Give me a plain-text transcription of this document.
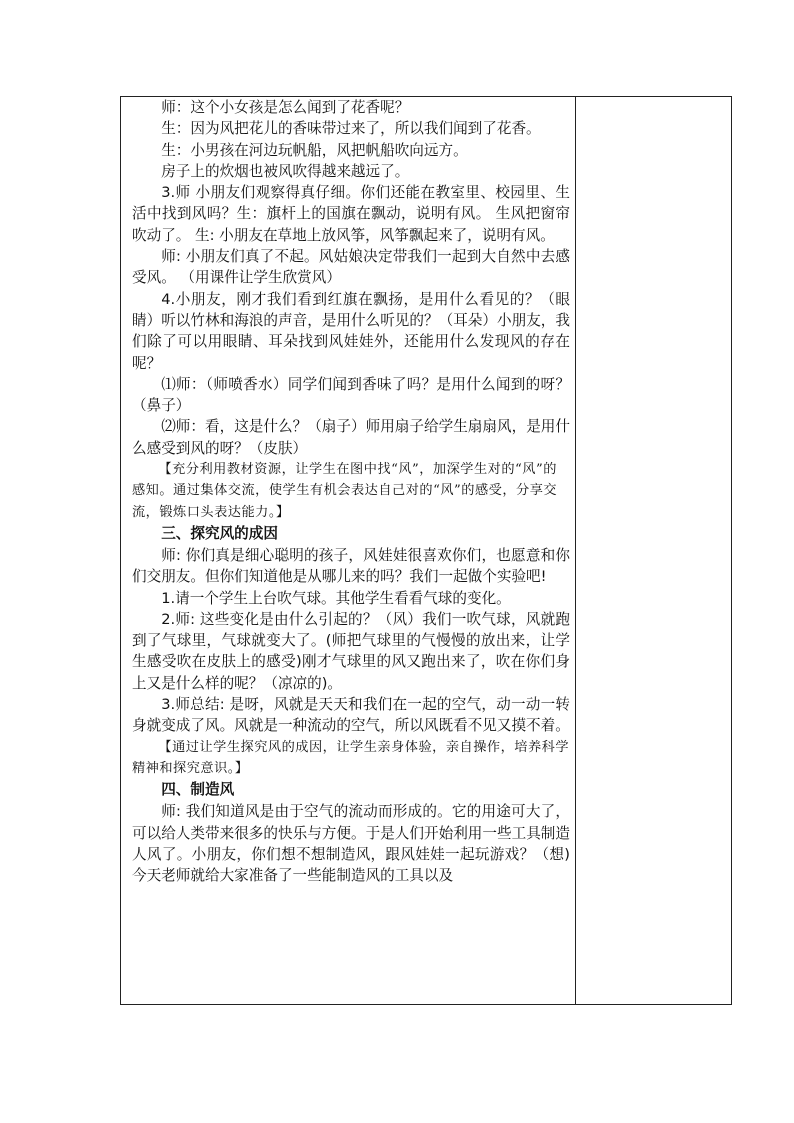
师：这个小女孩是怎么闻到了花香呢？

生：因为风把花儿的香味带过来了，所以我们闻到了花香。

生：小男孩在河边玩帆船，风把帆船吹向远方。

房子上的炊烟也被风吹得越来越远了。

3.师 小朋友们观察得真仔细。你们还能在教室里、校园里、生活中找到风吗？生：旗杆上的国旗在飘动，说明有风。 生风把窗帘吹动了。 生: 小朋友在草地上放风筝，风筝飘起来了，说明有风。

师: 小朋友们真了不起。风姑娘决定带我们一起到大自然中去感受风。 （用课件让学生欣赏风）

4.小朋友，刚才我们看到红旗在飘扬，是用什么看见的？（眼睛）听以竹林和海浪的声音，是用什么听见的？（耳朵）小朋友，我们除了可以用眼睛、耳朵找到风娃娃外，还能用什么发现风的存在呢？

⑴师：（师喷香水）同学们闻到香味了吗？是用什么闻到的呀？（鼻子）

⑵师：看，这是什么？（扇子）师用扇子给学生扇扇风，是用什么感受到风的呀？（皮肤）

【充分利用教材资源，让学生在图中找“风”，加深学生对的“风”的感知。通过集体交流，使学生有机会表达自己对的“风”的感受，分享交流，锻炼口头表达能力。】

三、探究风的成因

师: 你们真是细心聪明的孩子，风娃娃很喜欢你们，也愿意和你们交朋友。但你们知道他是从哪儿来的吗？我们一起做个实验吧!

1.请一个学生上台吹气球。其他学生看看气球的变化。

2.师: 这些变化是由什么引起的？（风）我们一吹气球，风就跑到了气球里，气球就变大了。(师把气球里的气慢慢的放出来，让学生感受吹在皮肤上的感受)刚才气球里的风又跑出来了，吹在你们身上又是什么样的呢？（凉凉的)。

3.师总结: 是呀，风就是天天和我们在一起的空气，动一动一转身就变成了风。风就是一种流动的空气，所以风既看不见又摸不着。

【通过让学生探究风的成因，让学生亲身体验，亲自操作，培养科学精神和探究意识。】

四、制造风

师: 我们知道风是由于空气的流动而形成的。它的用途可大了，可以给人类带来很多的快乐与方便。于是人们开始利用一些工具制造人风了。小朋友，你们想不想制造风，跟风娃娃一起玩游戏？（想)今天老师就给大家准备了一些能制造风的工具以及
